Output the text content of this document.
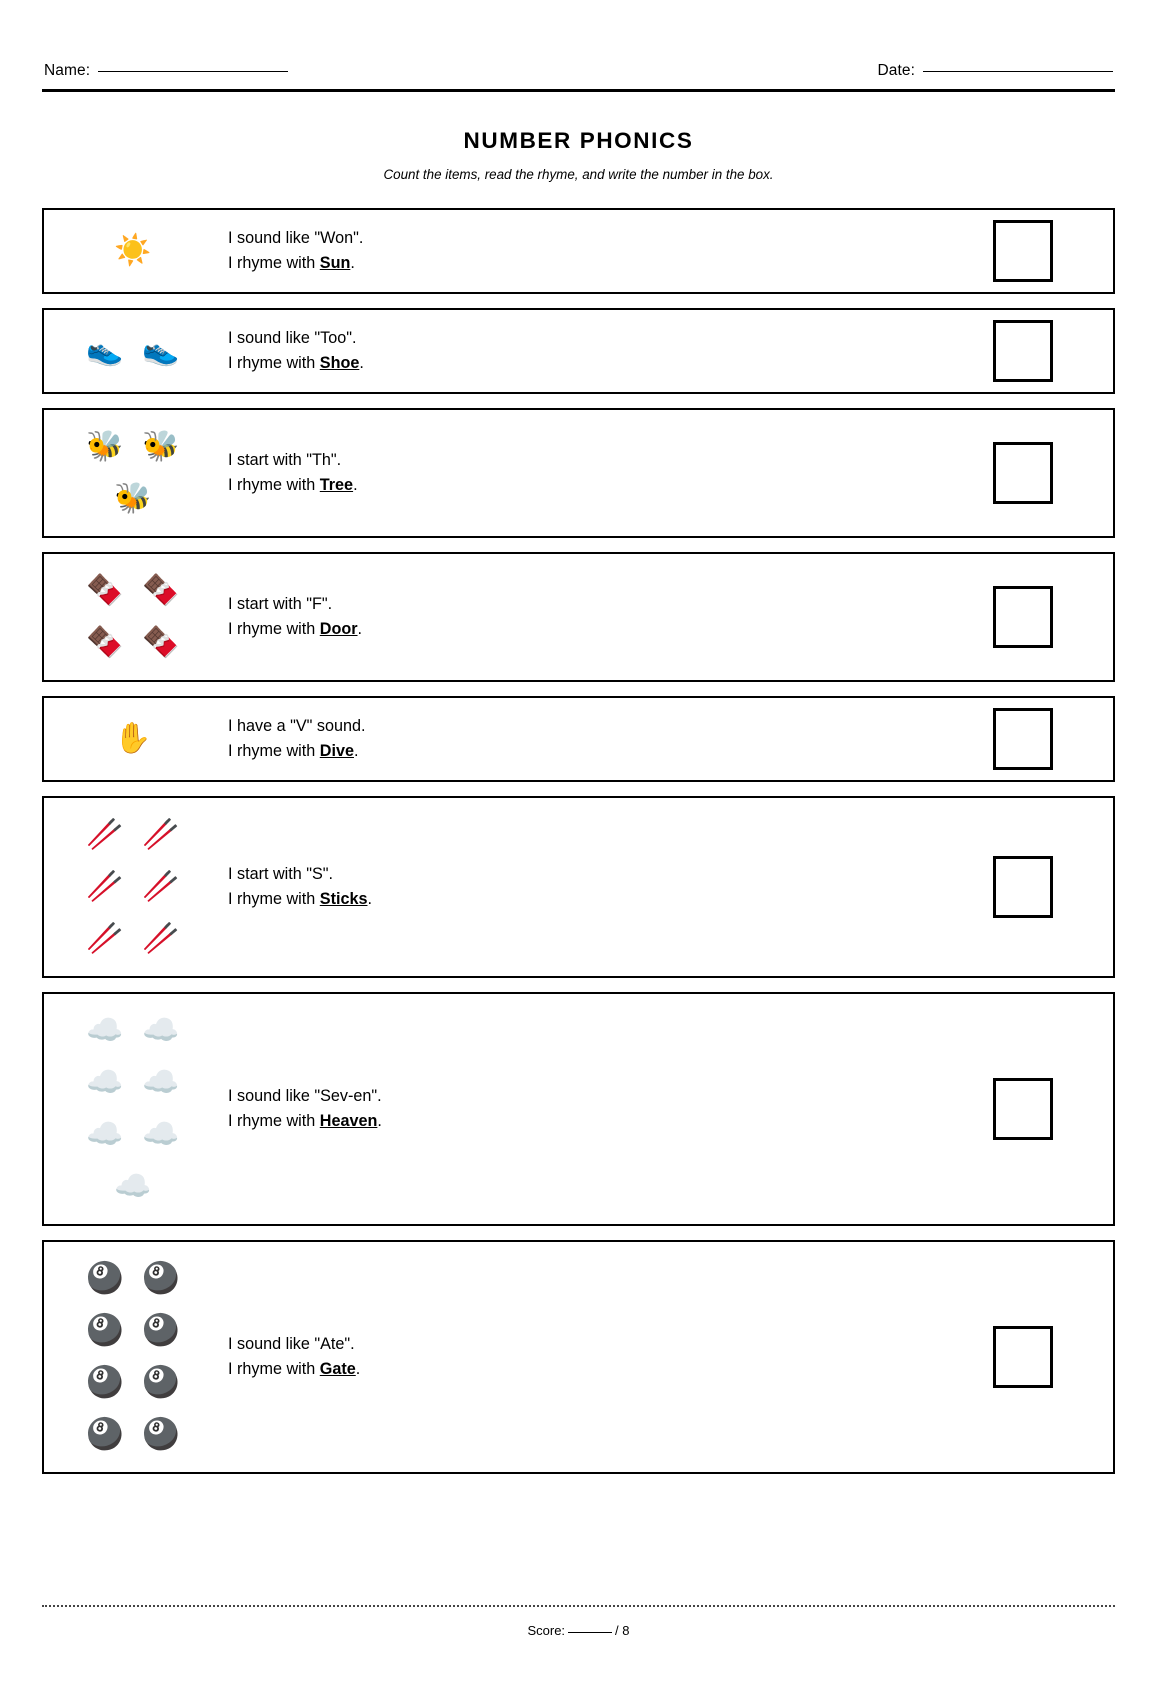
Name:	Date:
NUMBER PHONICS
Count the items, read the rhyme, and write the number in the box.
☀️	I sound like "Won".
I rhyme with Sun.
👟 👟	I sound like "Too".
I rhyme with Shoe.
🐝 🐝
🐝
I start with "Th".
I rhyme with Tree.
🍫 🍫
🍫 🍫
I start with "F".
I rhyme with Door.
✋	I have a "V" sound.
I rhyme with Dive.
🥢 🥢
🥢 🥢
🥢 🥢
I start with "S".
I rhyme with Sticks.
☁️ ☁️
☁️ ☁️
☁️ ☁️
☁️
I sound like "Sev-en".
I rhyme with Heaven.
🎱 🎱
🎱 🎱
🎱 🎱
🎱 🎱
I sound like "Ate".
I rhyme with Gate.
Score:	/ 8
